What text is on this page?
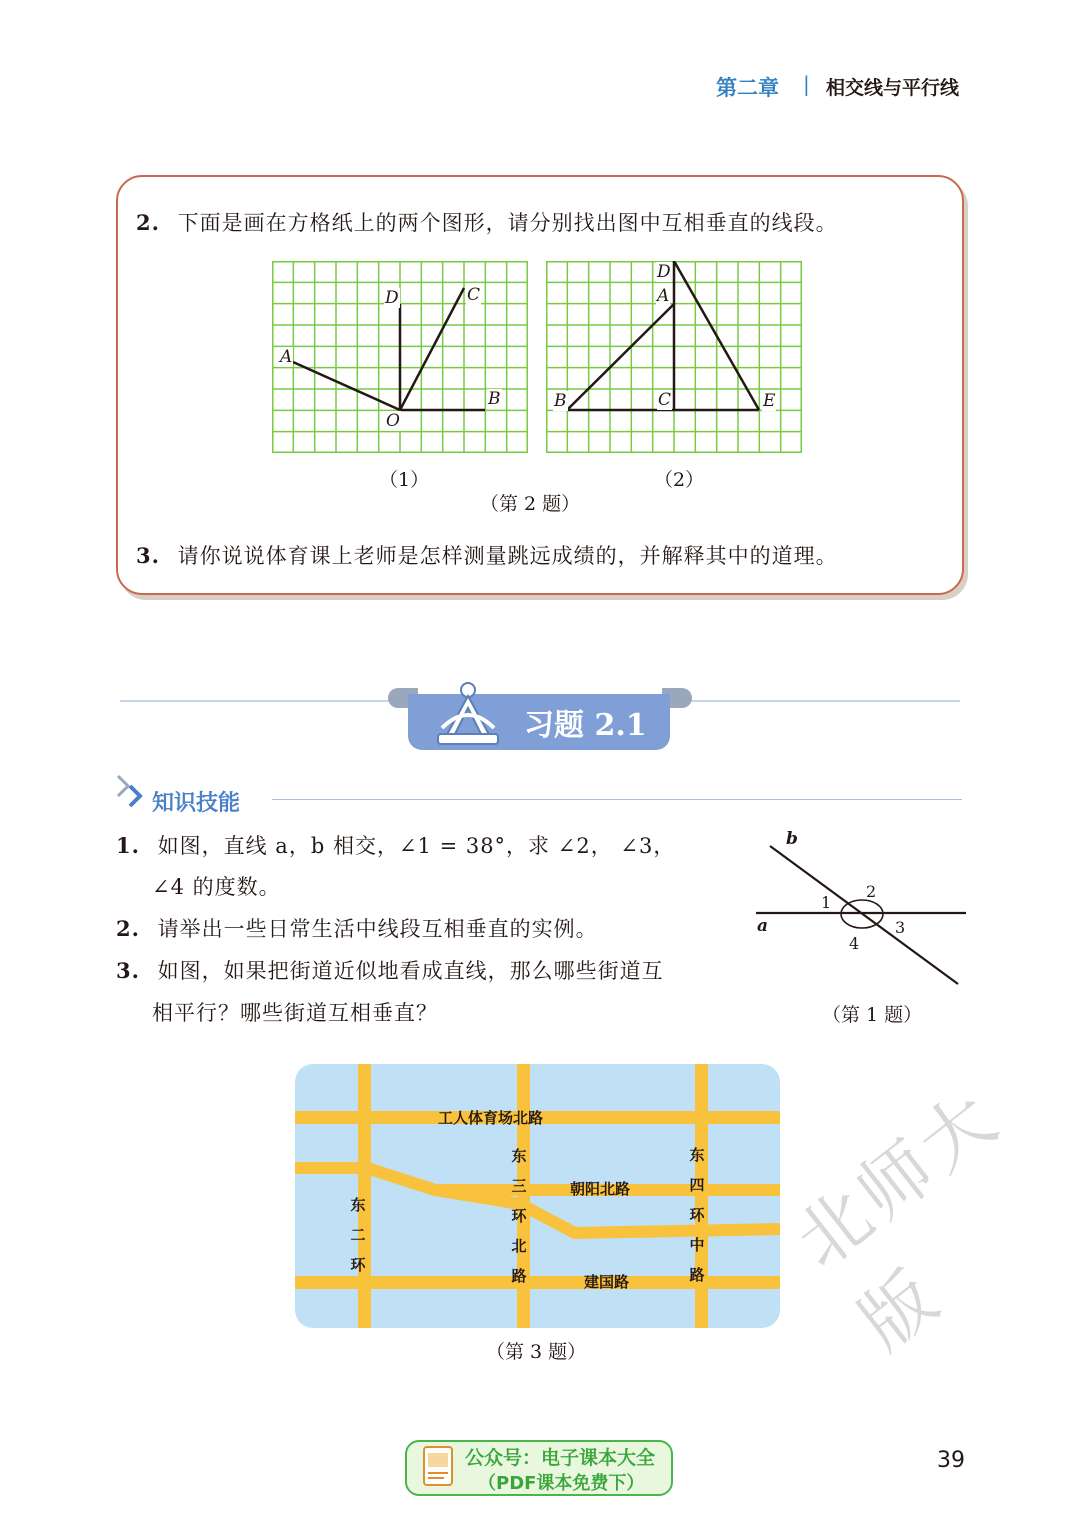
第二章 | 相交线与平行线
2. 下面是画在方格纸上的两个图形，请分别找出图中互相垂直的线段。
A
D	C
O
B
（1）
D
A
B	C	E
（2）
（第 2 题）
3. 请你说说体育课上老师是怎样测量跳远成绩的，并解释其中的道理。
习题 2.1
知识技能
1. 如图，直线 a，b 相交，∠1 = 38°，求 ∠2， ∠3，
∠4 的度数。
2. 请举出一些日常生活中线段互相垂直的实例。
3. 如图，如果把街道近似地看成直线，那么哪些街道互
相平行？哪些街道互相垂直？
b
a
1
2
3
4
（第 1 题）
工人体育场北路
朝阳北路
建国路
东
二
环
东
三
环
北
路
东
四
环
中
路
（第 3 题）
北师大版
公众号：电子课本大全
（PDF课本免费下）
39
